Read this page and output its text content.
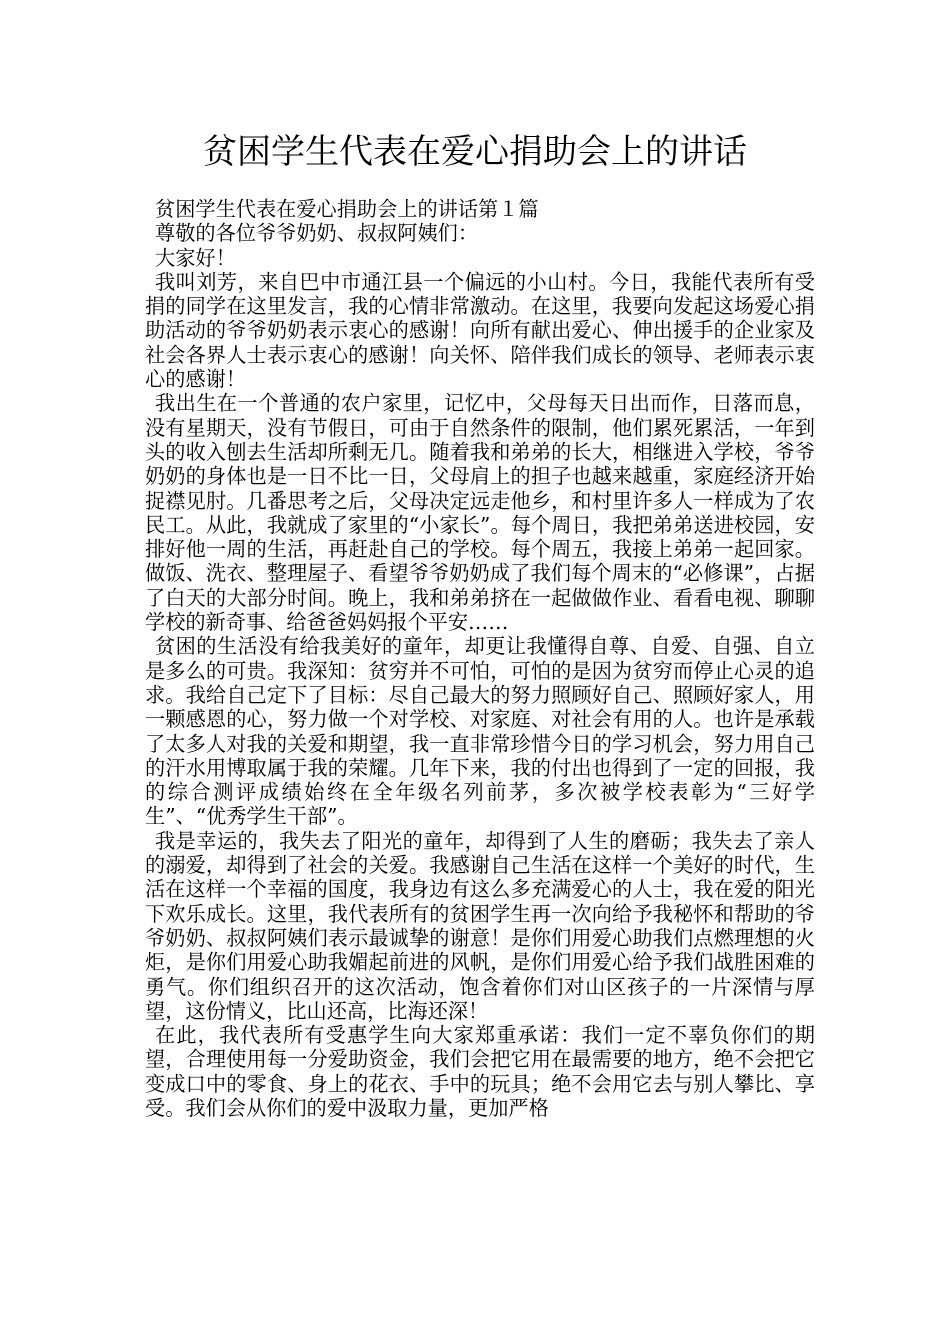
贫困学生代表在爱心捐助会上的讲话

贫困学生代表在爱心捐助会上的讲话第１篇

尊敬的各位爷爷奶奶、叔叔阿姨们：

大家好！

我叫刘芳，来自巴中市通江县一个偏远的小山村。今日，我能代表所有受捐的同学在这里发言，我的心情非常激动。在这里，我要向发起这场爱心捐助活动的爷爷奶奶表示衷心的感谢！向所有献出爱心、伸出援手的企业家及社会各界人士表示衷心的感谢！向关怀、陪伴我们成长的领导、老师表示衷心的感谢！

我出生在一个普通的农户家里，记忆中，父母每天日出而作，日落而息，没有星期天，没有节假日，可由于自然条件的限制，他们累死累活，一年到头的收入刨去生活却所剩无几。随着我和弟弟的长大，相继进入学校，爷爷奶奶的身体也是一日不比一日，父母肩上的担子也越来越重，家庭经济开始捉襟见肘。几番思考之后，父母决定远走他乡，和村里许多人一样成为了农民工。从此，我就成了家里的“小家长”。每个周日，我把弟弟送进校园，安排好他一周的生活，再赶赴自己的学校。每个周五，我接上弟弟一起回家。做饭、洗衣、整理屋子、看望爷爷奶奶成了我们每个周末的“必修课”，占据了白天的大部分时间。晚上，我和弟弟挤在一起做做作业、看看电视、聊聊学校的新奇事、给爸爸妈妈报个平安……

贫困的生活没有给我美好的童年，却更让我懂得自尊、自爱、自强、自立是多么的可贵。我深知：贫穷并不可怕，可怕的是因为贫穷而停止心灵的追求。我给自己定下了目标：尽自己最大的努力照顾好自己、照顾好家人，用一颗感恩的心，努力做一个对学校、对家庭、对社会有用的人。也许是承载了太多人对我的关爱和期望，我一直非常珍惜今日的学习机会，努力用自己的汗水用博取属于我的荣耀。几年下来，我的付出也得到了一定的回报，我的综合测评成绩始终在全年级名列前茅，多次被学校表彰为“三好学生”、“优秀学生干部”。

我是幸运的，我失去了阳光的童年，却得到了人生的磨砺；我失去了亲人的溺爱，却得到了社会的关爱。我感谢自己生活在这样一个美好的时代，生活在这样一个幸福的国度，我身边有这么多充满爱心的人士，我在爱的阳光下欢乐成长。这里，我代表所有的贫困学生再一次向给予我秘怀和帮助的爷爷奶奶、叔叔阿姨们表示最诚挚的谢意！是你们用爱心助我们点燃理想的火炬，是你们用爱心助我媚起前进的风帆，是你们用爱心给予我们战胜困难的勇气。你们组织召开的这次活动，饱含着你们对山区孩子的一片深情与厚望，这份情义，比山还高，比海还深！

在此，我代表所有受惠学生向大家郑重承诺：我们一定不辜负你们的期望，合理使用每一分爱助资金，我们会把它用在最需要的地方，绝不会把它变成口中的零食、身上的花衣、手中的玩具；绝不会用它去与别人攀比、享受。我们会从你们的爱中汲取力量，更加严格
